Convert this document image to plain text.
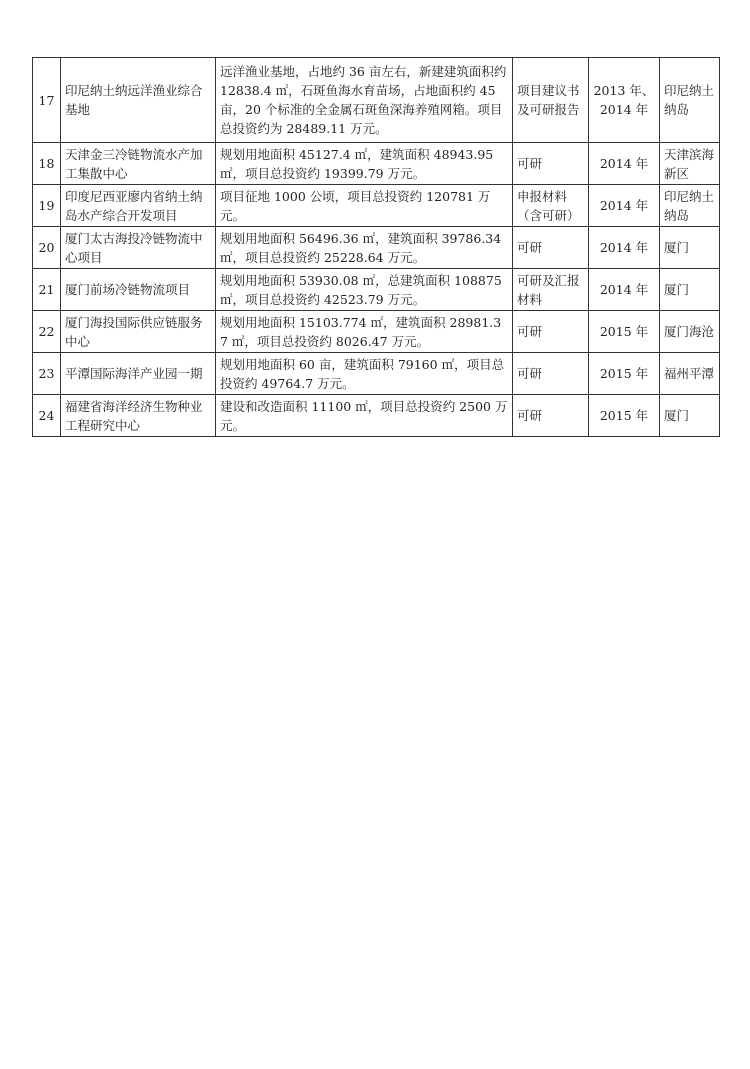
17	印尼纳土纳远洋渔业综合基地	远洋渔业基地，占地约 36 亩左右，新建建筑面积约 12838.4 ㎡，石斑鱼海水育苗场，占地面积约 45 亩，20 个标准的全金属石斑鱼深海养殖网箱。项目总投资约为 28489.11 万元。	项目建议书及可研报告	2013 年、2014 年	印尼纳土纳岛
18	天津金三冷链物流水产加工集散中心	规划用地面积 45127.4 ㎡，建筑面积 48943.95 ㎡，项目总投资约 19399.79 万元。	可研	2014 年	天津滨海新区
19	印度尼西亚廖内省纳土纳岛水产综合开发项目	项目征地 1000 公顷，项目总投资约 120781 万元。	申报材料（含可研）	2014 年	印尼纳土纳岛
20	厦门太古海投冷链物流中心项目	规划用地面积 56496.36 ㎡，建筑面积 39786.34 ㎡，项目总投资约 25228.64 万元。	可研	2014 年	厦门
21	厦门前场冷链物流项目	规划用地面积 53930.08 ㎡，总建筑面积 108875 ㎡，项目总投资约 42523.79 万元。	可研及汇报材料	2014 年	厦门
22	厦门海投国际供应链服务中心	规划用地面积 15103.774 ㎡，建筑面积 28981.37 ㎡，项目总投资约 8026.47 万元。	可研	2015 年	厦门海沧
23	平潭国际海洋产业园一期	规划用地面积 60 亩，建筑面积 79160 ㎡，项目总投资约 49764.7 万元。	可研	2015 年	福州平潭
24	福建省海洋经济生物种业工程研究中心	建设和改造面积 11100 ㎡，项目总投资约 2500 万元。	可研	2015 年	厦门
